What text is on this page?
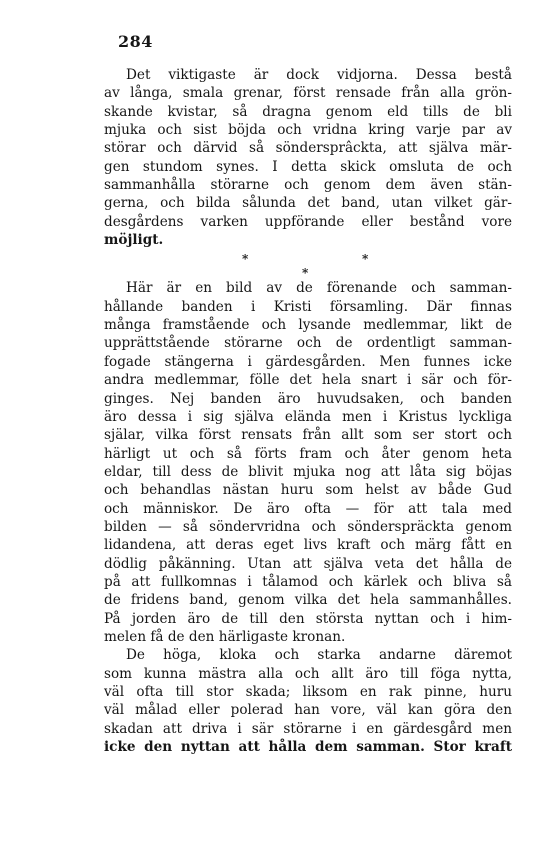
284
Det viktigaste är dock vidjorna. Dessa bestå
av långa, smala grenar, först rensade från alla grön-
skande kvistar, så dragna genom eld tills de bli
mjuka och sist böjda och vridna kring varje par av
störar och därvid så söndersprâckta, att själva mär-
gen stundom synes. I detta skick omsluta de och
sammanhålla störarne och genom dem även stän-
gerna, och bilda sålunda det band, utan vilket gär-
desgårdens varken uppförande eller bestånd vore
möjligt.
*	*
*
Här är en bild av de förenande och samman-
hållande banden i Kristi församling. Där finnas
många framstående och lysande medlemmar, likt de
upprättstående störarne och de ordentligt samman-
fogade stängerna i gärdesgården. Men funnes icke
andra medlemmar, fölle det hela snart i sär och för-
ginges. Nej banden äro huvudsaken, och banden
äro dessa i sig själva elända men i Kristus lyckliga
själar, vilka först rensats från allt som ser stort och
härligt ut och så förts fram och åter genom heta
eldar, till dess de blivit mjuka nog att låta sig böjas
och behandlas nästan huru som helst av både Gud
och människor. De äro ofta — för att tala med
bilden — så söndervridna och sönderspräckta genom
lidandena, att deras eget livs kraft och märg fått en
dödlig påkänning. Utan att själva veta det hålla de
på att fullkomnas i tålamod och kärlek och bliva så
de fridens band, genom vilka det hela sammanhålles.
På jorden äro de till den största nyttan och i him-
melen få de den härligaste kronan.
De höga, kloka och starka andarne däremot
som kunna mästra alla och allt äro till föga nytta,
väl ofta till stor skada; liksom en rak pinne, huru
väl målad eller polerad han vore, väl kan göra den
skadan att driva i sär störarne i en gärdesgård men
icke den nyttan att hålla dem samman. Stor kraft
